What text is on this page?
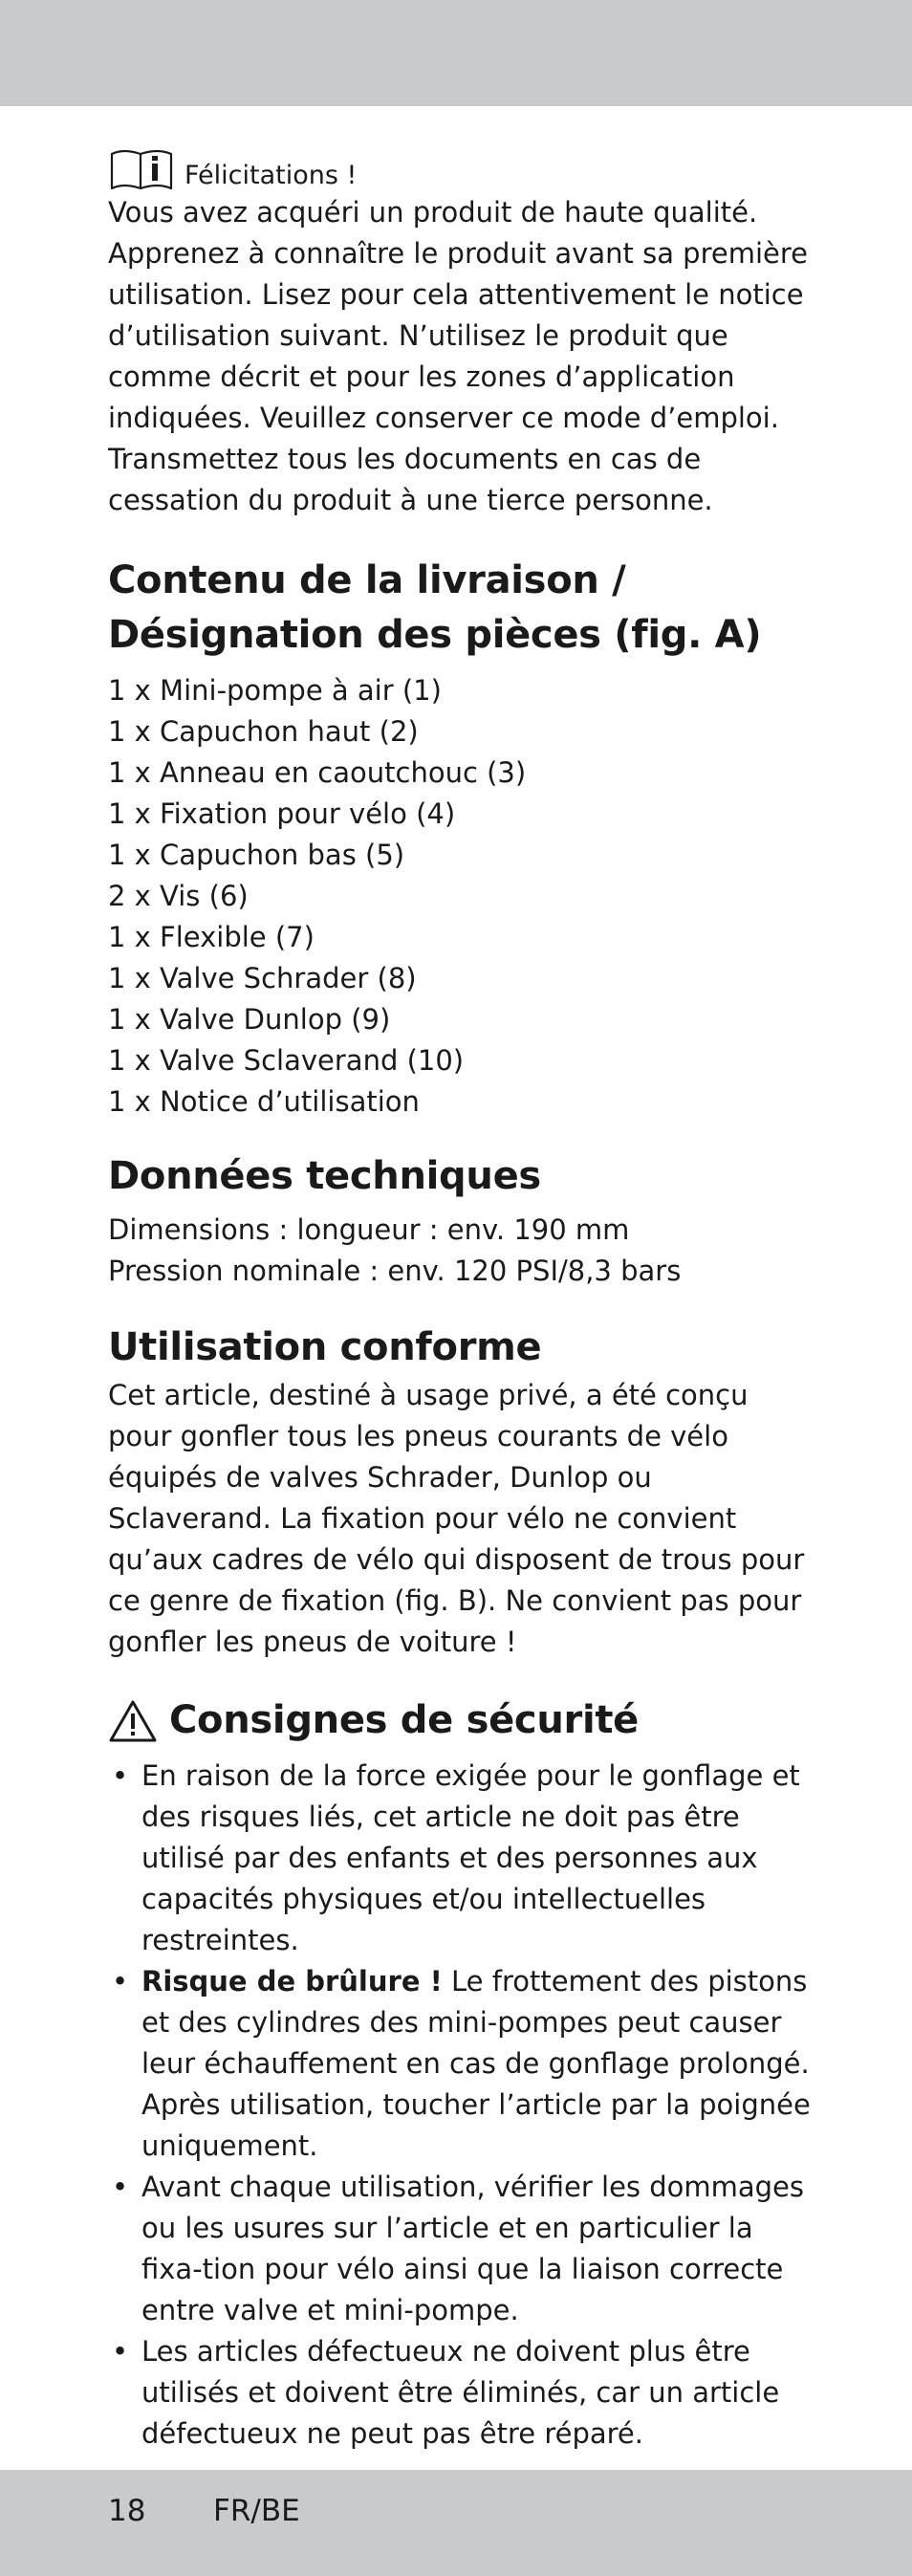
Félicitations !

Vous avez acquéri un produit de haute qualité. Apprenez à connaître le produit avant sa première utilisation. Lisez pour cela attentivement le notice d’utilisation suivant. N’utilisez le produit que comme décrit et pour les zones d’application indiquées. Veuillez conserver ce mode d’emploi. Transmettez tous les documents en cas de cessation du produit à une tierce personne.

Contenu de la livraison /
Désignation des pièces (fig. A)
1 x Mini-pompe à air (1)
1 x Capuchon haut (2)
1 x Anneau en caoutchouc (3)
1 x Fixation pour vélo (4)
1 x Capuchon bas (5)
2 x Vis (6)
1 x Flexible (7)
1 x Valve Schrader (8)
1 x Valve Dunlop (9)
1 x Valve Sclaverand (10)
1 x Notice d’utilisation
Données techniques

Dimensions : longueur : env. 190 mm

Pression nominale : env. 120 PSI/8,3 bars

Utilisation conforme

Cet article, destiné à usage privé, a été conçu pour gonfler tous les pneus courants de vélo équipés de valves Schrader, Dunlop ou Sclaverand. La fixation pour vélo ne convient qu’aux cadres de vélo qui disposent de trous pour ce genre de fixation (fig. B). Ne convient pas pour gonfler les pneus de voiture !

Consignes de sécurité
• En raison de la force exigée pour le gonflage et des risques liés, cet article ne doit pas être utilisé par des enfants et des personnes aux capacités physiques et/ou intellectuelles restreintes.
• Risque de brûlure ! Le frottement des pistons et des cylindres des mini-pompes peut causer leur échauffement en cas de gonflage prolongé. Après utilisation, toucher l’article par la poignée uniquement.
• Avant chaque utilisation, vérifier les dommages ou les usures sur l’article et en particulier la fixa-tion pour vélo ainsi que la liaison correcte entre valve et mini-pompe.
• Les articles défectueux ne doivent plus être utilisés et doivent être éliminés, car un article défectueux ne peut pas être réparé.
18 FR/BE
